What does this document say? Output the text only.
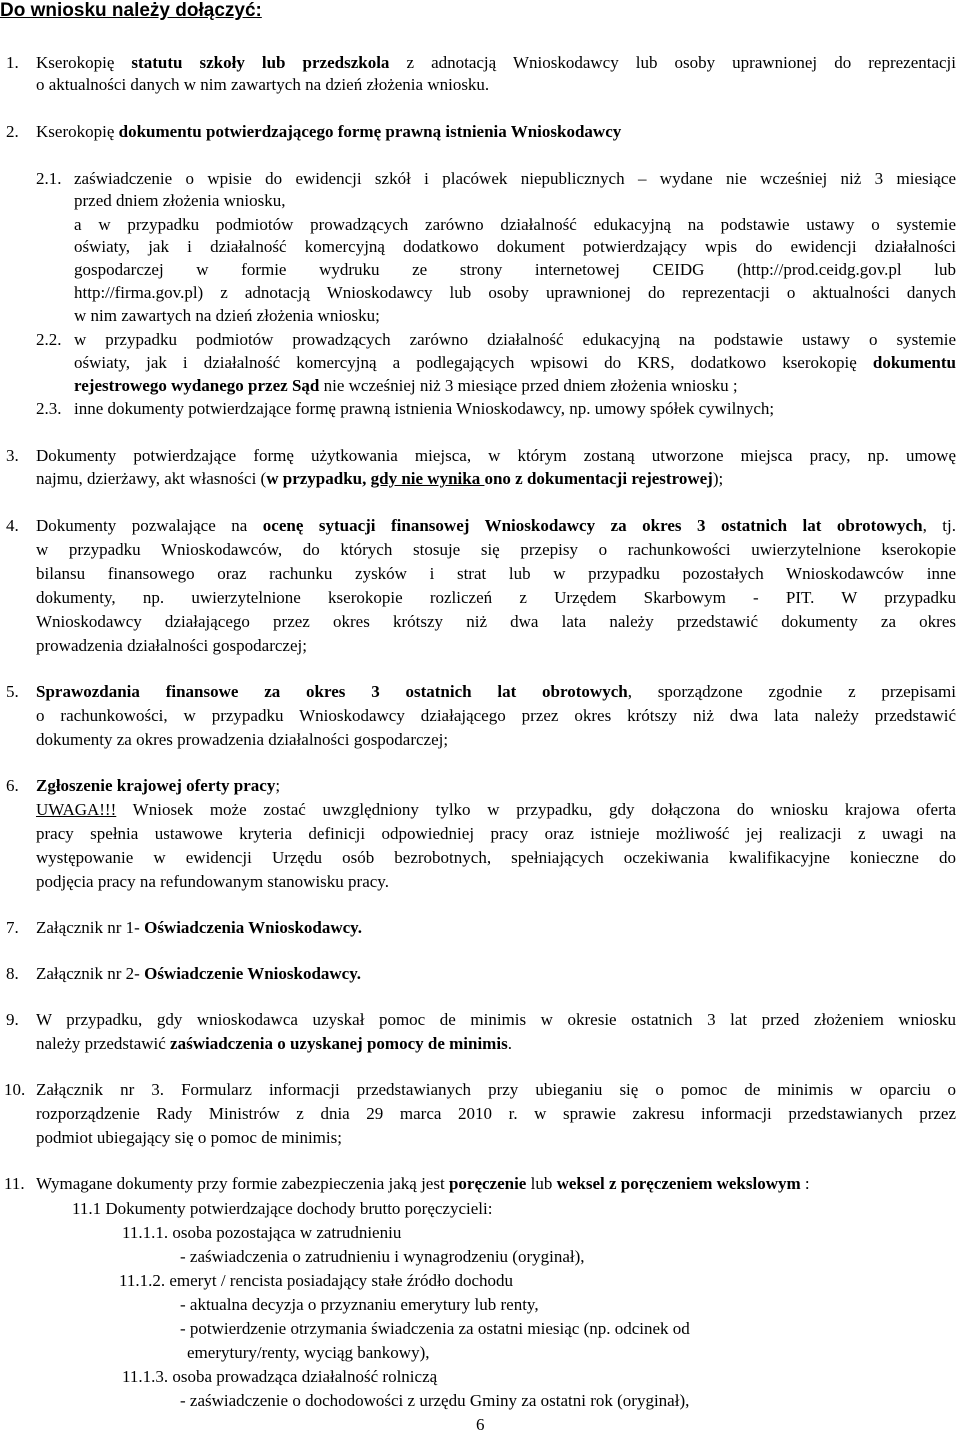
Do wniosku należy dołączyć:
1. Kserokopię statutu szkoły lub przedszkola z adnotacją Wnioskodawcy lub osoby uprawnionej do reprezentacji
o aktualności danych w nim zawartych na dzień złożenia wniosku.
2. Kserokopię dokumentu potwierdzającego formę prawną istnienia Wnioskodawcy
2.1. zaświadczenie o wpisie do ewidencji szkół i placówek niepublicznych – wydane nie wcześniej niż 3 miesiące
przed dniem złożenia wniosku,
a w przypadku podmiotów prowadzących zarówno działalność edukacyjną na podstawie ustawy o systemie
oświaty, jak i działalność komercyjną dodatkowo dokument potwierdzający wpis do ewidencji działalności
gospodarczej w formie wydruku ze strony internetowej CEIDG (http://prod.ceidg.gov.pl lub
http://firma.gov.pl) z adnotacją Wnioskodawcy lub osoby uprawnionej do reprezentacji o aktualności danych
w nim zawartych na dzień złożenia wniosku;
2.2. w przypadku podmiotów prowadzących zarówno działalność edukacyjną na podstawie ustawy o systemie
oświaty, jak i działalność komercyjną a podlegających wpisowi do KRS, dodatkowo kserokopię dokumentu
rejestrowego wydanego przez Sąd nie wcześniej niż 3 miesiące przed dniem złożenia wniosku ;
2.3. inne dokumenty potwierdzające formę prawną istnienia Wnioskodawcy, np. umowy spółek cywilnych;
3. Dokumenty potwierdzające formę użytkowania miejsca, w którym zostaną utworzone miejsca pracy, np. umowę
najmu, dzierżawy, akt własności (w przypadku, gdy nie wynika ono z dokumentacji rejestrowej);
4. Dokumenty pozwalające na ocenę sytuacji finansowej Wnioskodawcy za okres 3 ostatnich lat obrotowych, tj.
w przypadku Wnioskodawców, do których stosuje się przepisy o rachunkowości uwierzytelnione kserokopie
bilansu finansowego oraz rachunku zysków i strat lub w przypadku pozostałych Wnioskodawców inne
dokumenty, np. uwierzytelnione kserokopie rozliczeń z Urzędem Skarbowym - PIT. W przypadku
Wnioskodawcy działającego przez okres krótszy niż dwa lata należy przedstawić dokumenty za okres
prowadzenia działalności gospodarczej;
5. Sprawozdania finansowe za okres 3 ostatnich lat obrotowych, sporządzone zgodnie z przepisami
o rachunkowości, w przypadku Wnioskodawcy działającego przez okres krótszy niż dwa lata należy przedstawić
dokumenty za okres prowadzenia działalności gospodarczej;
6. Zgłoszenie krajowej oferty pracy;
UWAGA!!! Wniosek może zostać uwzględniony tylko w przypadku, gdy dołączona do wniosku krajowa oferta
pracy spełnia ustawowe kryteria definicji odpowiedniej pracy oraz istnieje możliwość jej realizacji z uwagi na
występowanie w ewidencji Urzędu osób bezrobotnych, spełniających oczekiwania kwalifikacyjne konieczne do
podjęcia pracy na refundowanym stanowisku pracy.
7. Załącznik nr 1- Oświadczenia Wnioskodawcy.
8. Załącznik nr 2- Oświadczenie Wnioskodawcy.
9. W przypadku, gdy wnioskodawca uzyskał pomoc de minimis w okresie ostatnich 3 lat przed złożeniem wniosku
należy przedstawić zaświadczenia o uzyskanej pomocy de minimis.
10. Załącznik nr 3. Formularz informacji przedstawianych przy ubieganiu się o pomoc de minimis w oparciu o
rozporządzenie Rady Ministrów z dnia 29 marca 2010 r. w sprawie zakresu informacji przedstawianych przez
podmiot ubiegający się o pomoc de minimis;
11. Wymagane dokumenty przy formie zabezpieczenia jaką jest poręczenie lub weksel z poręczeniem wekslowym :
11.1 Dokumenty potwierdzające dochody brutto poręczycieli:
11.1.1. osoba pozostająca w zatrudnieniu
- zaświadczenia o zatrudnieniu i wynagrodzeniu (oryginał),
11.1.2. emeryt / rencista posiadający stałe źródło dochodu
- aktualna decyzja o przyznaniu emerytury lub renty,
- potwierdzenie otrzymania świadczenia za ostatni miesiąc (np. odcinek od
emerytury/renty, wyciąg bankowy),
11.1.3. osoba prowadząca działalność rolniczą
- zaświadczenie o dochodowości z urzędu Gminy za ostatni rok (oryginał),
6
